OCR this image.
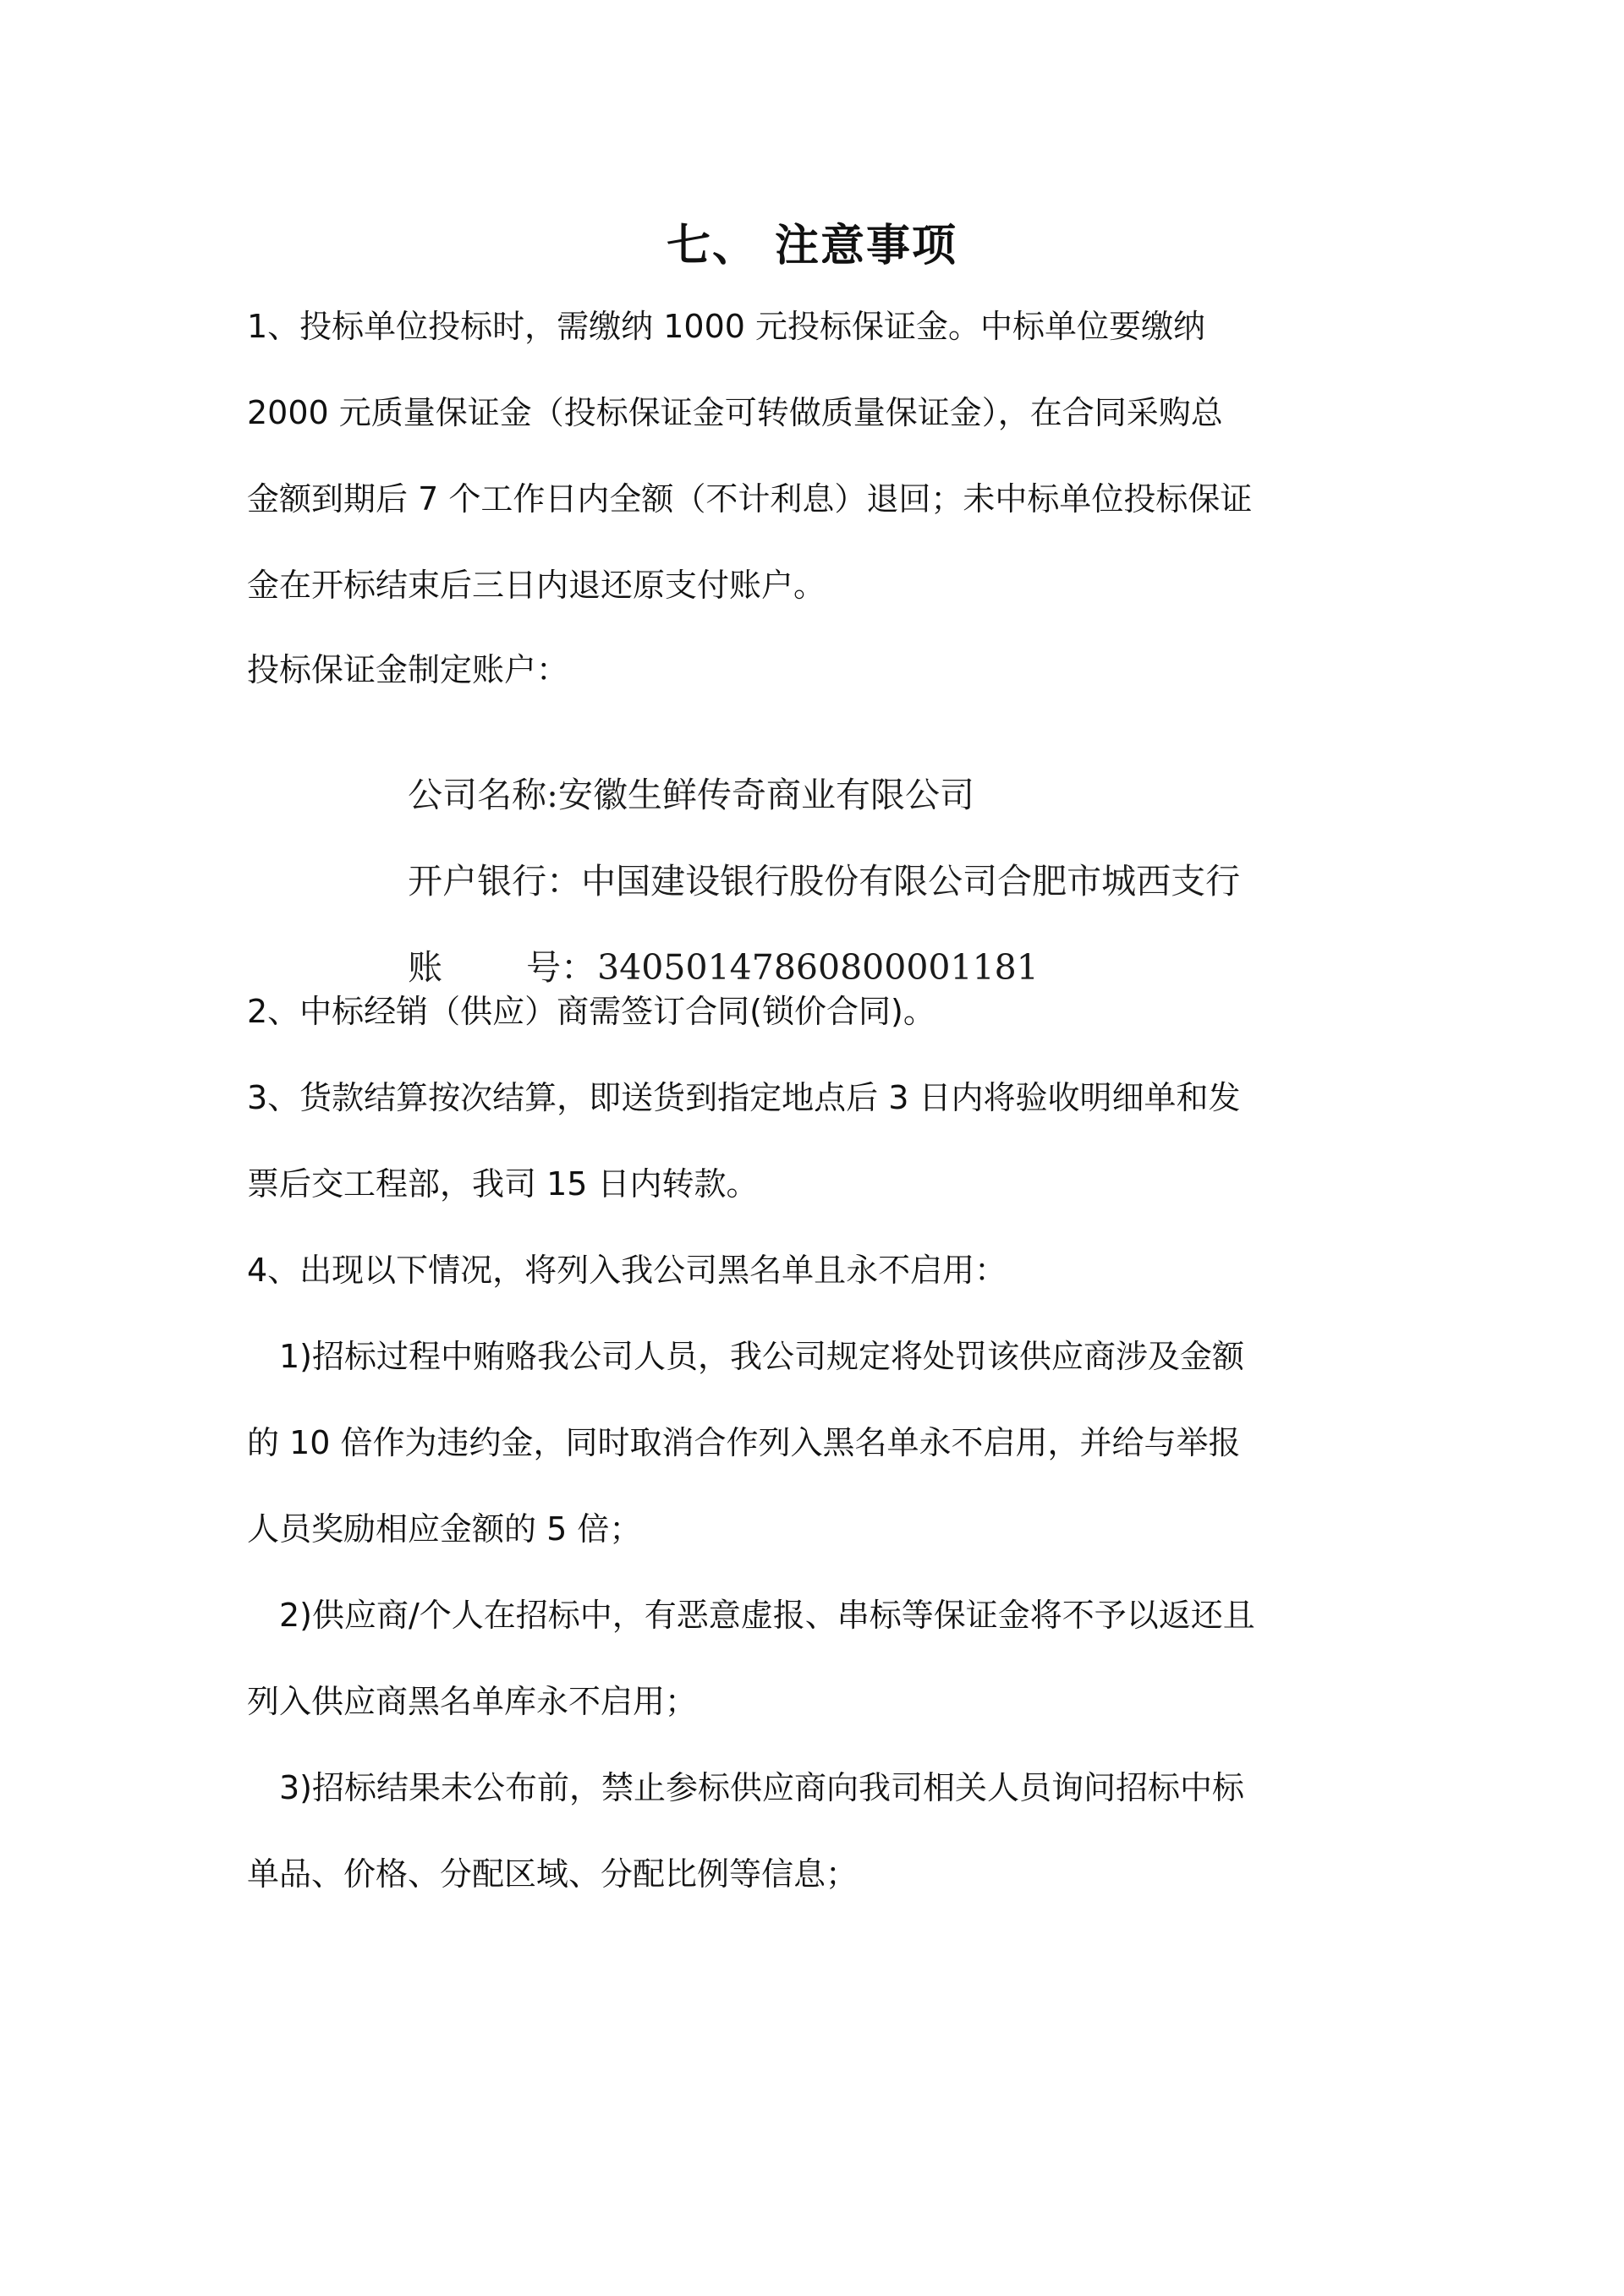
七、 注意事项
1、投标单位投标时，需缴纳 1000 元投标保证金。中标单位要缴纳
2000 元质量保证金（投标保证金可转做质量保证金），在合同采购总
金额到期后 7 个工作日内全额（不计利息）退回；未中标单位投标保证
金在开标结束后三日内退还原支付账户。
投标保证金制定账户：

公司名称:安徽生鲜传奇商业有限公司

开户银行：中国建设银行股份有限公司合肥市城西支行

账 号：34050147860800001181

2、中标经销（供应）商需签订合同(锁价合同)。
3、货款结算按次结算，即送货到指定地点后 3 日内将验收明细单和发
票后交工程部，我司 15 日内转款。
4、出现以下情况，将列入我公司黑名单且永不启用：
1)招标过程中贿赂我公司人员，我公司规定将处罚该供应商涉及金额
的 10 倍作为违约金，同时取消合作列入黑名单永不启用，并给与举报
人员奖励相应金额的 5 倍；
2)供应商/个人在招标中，有恶意虚报、串标等保证金将不予以返还且
列入供应商黑名单库永不启用；
3)招标结果未公布前，禁止参标供应商向我司相关人员询问招标中标
单品、价格、分配区域、分配比例等信息；
